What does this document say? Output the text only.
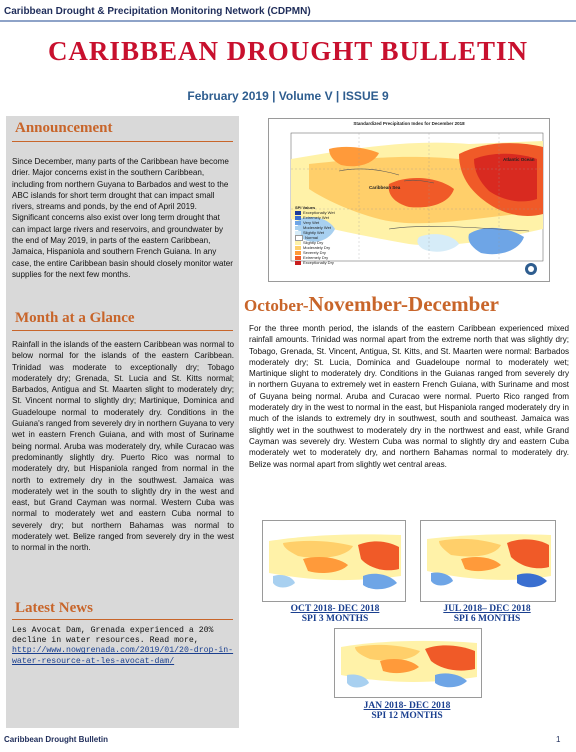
Caribbean Drought & Precipitation Monitoring Network (CDPMN)
CARIBBEAN DROUGHT BULLETIN
February 2019 | Volume V | ISSUE 9
Announcement
Since December, many parts of the Caribbean have become drier. Major concerns exist in the southern Caribbean, including from northern Guyana to Barbados and west to the ABC islands for short term drought that can impact small rivers, streams and ponds, by the end of April 2019. Significant concerns also exist over long term drought that can impact large rivers and reservoirs, and groundwater by the end of May 2019, in parts of the eastern Caribbean, Jamaica, Hispaniola and southern French Guiana. In any case, the entire Caribbean basin should closely monitor water supplies for the next few months.
Month at a Glance
Rainfall in the islands of the eastern Caribbean was normal to below normal for the islands of the eastern Caribbean. Trinidad was moderate to exceptionally dry; Tobago moderately dry; Grenada, St. Lucia and St. Kitts normal; Barbados, Antigua and St. Maarten slight to moderately dry; St. Vincent normal to slightly dry; Martinique, Dominica and Guadeloupe normal to moderately dry. Conditions in the Guiana's ranged from severely dry in northern Guyana to very wet in eastern French Guiana, and with most of Suriname being normal. Aruba was moderately dry, while Curacao was predominantly slightly dry. Puerto Rico was normal to moderately dry, but Hispaniola ranged from normal in the north to extremely dry in the southwest. Jamaica was moderately wet in the south to slightly dry in the west and east, but Grand Cayman was normal. Western Cuba was normal to moderately wet and eastern Cuba normal to severely dry; but northern Bahamas was normal to moderately wet. Belize ranged from severely dry in the west to normal in the north.
Latest News
Les Avocat Dam, Grenada experienced a 20% decline in water resources. Read more, http://www.nowgrenada.com/2019/01/20-drop-in-water-resource-at-les-avocat-dam/
Standardized Precipitation Index for December 2018
Atlantic Ocean
Caribbean Sea
SPI Values
Exceptionally Wet
Extremely Wet
Very Wet
Moderately Wet
Slightly Wet
Normal
Slightly Dry
Moderately Dry
Severely Dry
Extremely Dry
Exceptionally Dry
October-November-December
For the three month period, the islands of the eastern Caribbean experienced mixed rainfall amounts. Trinidad was normal apart from the extreme north that was slightly dry; Tobago, Grenada, St. Vincent, Antigua, St. Kitts, and St. Maarten were normal: Barbados moderately dry; St. Lucia, Dominica and Guadeloupe normal to moderately wet; Martinique slight to moderately dry. Conditions in the Guianas ranged from severely dry in northern Guyana to extremely wet in eastern French Guiana, with Suriname and most of Guyana being normal. Aruba and Curacao were normal. Puerto Rico ranged from moderately dry in the west to normal in the east, but Hispaniola ranged moderately dry in much of the islands to extremely dry in southwest, south and southeast. Jamaica was slightly wet in the southwest to moderately dry in the northwest and east, while Grand Cayman was severely dry. Western Cuba was normal to slightly dry and eastern Cuba moderately wet to moderately dry, and northern Bahamas normal to moderately dry. Belize was normal apart from slightly wet central areas.
OCT 2018- DEC 2018
SPI 3 MONTHS
JUL 2018– DEC 2018
SPI 6 MONTHS
JAN 2018- DEC 2018
SPI 12 MONTHS
Caribbean Drought Bulletin	1
